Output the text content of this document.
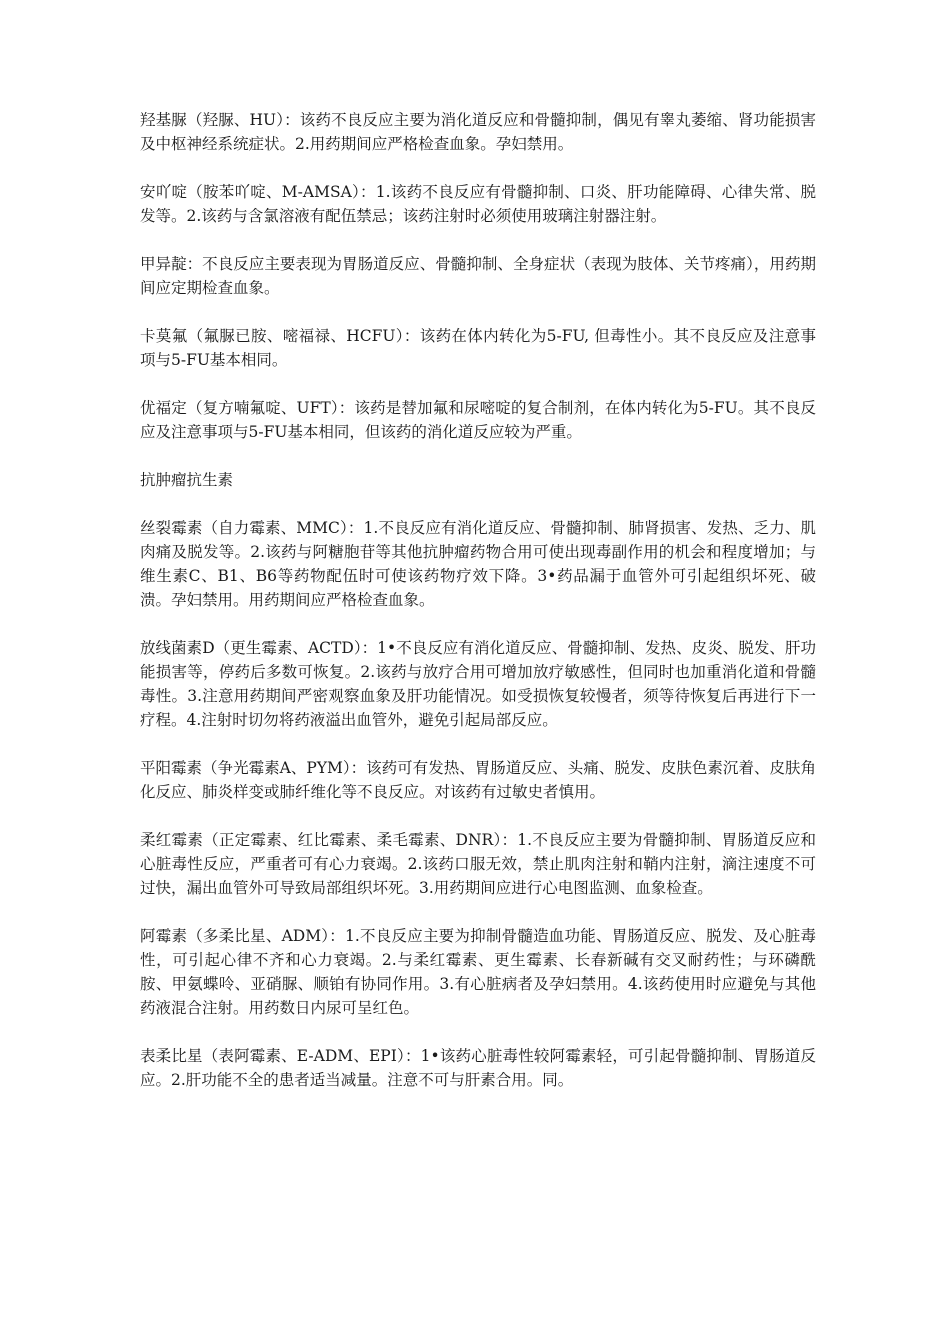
羟基脲（羟脲、HU）：该药不良反应主要为消化道反应和骨髓抑制，偶见有睾丸萎缩、肾功能损害及中枢神经系统症状。2.用药期间应严格检查血象。孕妇禁用。

安吖啶（胺苯吖啶、M-AMSA）：1.该药不良反应有骨髓抑制、口炎、肝功能障碍、心律失常、脱发等。2.该药与含氯溶液有配伍禁忌；该药注射时必须使用玻璃注射器注射。

甲异靛：不良反应主要表现为胃肠道反应、骨髓抑制、全身症状（表现为肢体、关节疼痛），用药期间应定期检查血象。

卡莫氟（氟脲已胺、嘧福禄、HCFU）：该药在体内转化为5-FU, 但毒性小。其不良反应及注意事项与5-FU基本相同。

优福定（复方喃氟啶、UFT）：该药是替加氟和尿嘧啶的复合制剂，在体内转化为5-FU。其不良反应及注意事项与5-FU基本相同，但该药的消化道反应较为严重。

抗肿瘤抗生素

丝裂霉素（自力霉素、MMC）：1.不良反应有消化道反应、骨髓抑制、肺肾损害、发热、乏力、肌肉痛及脱发等。2.该药与阿糖胞苷等其他抗肿瘤药物合用可使出现毒副作用的机会和程度增加；与维生素C、B1、B6等药物配伍时可使该药物疗效下降。3•药品漏于血管外可引起组织坏死、破溃。孕妇禁用。用药期间应严格检查血象。

放线菌素D（更生霉素、ACTD）：1•不良反应有消化道反应、骨髓抑制、发热、皮炎、脱发、肝功能损害等，停药后多数可恢复。2.该药与放疗合用可增加放疗敏感性，但同时也加重消化道和骨髓毒性。3.注意用药期间严密观察血象及肝功能情况。如受损恢复较慢者，须等待恢复后再进行下一疗程。4.注射时切勿将药液溢出血管外，避免引起局部反应。

平阳霉素（争光霉素A、PYM）：该药可有发热、胃肠道反应、头痛、脱发、皮肤色素沉着、皮肤角化反应、肺炎样变或肺纤维化等不良反应。对该药有过敏史者慎用。

柔红霉素（正定霉素、红比霉素、柔毛霉素、DNR）：1.不良反应主要为骨髓抑制、胃肠道反应和心脏毒性反应，严重者可有心力衰竭。2.该药口服无效，禁止肌肉注射和鞘内注射，滴注速度不可过快，漏出血管外可导致局部组织坏死。3.用药期间应进行心电图监测、血象检查。

阿霉素（多柔比星、ADM）：1.不良反应主要为抑制骨髓造血功能、胃肠道反应、脱发、及心脏毒性，可引起心律不齐和心力衰竭。2.与柔红霉素、更生霉素、长春新碱有交叉耐药性；与环磷酰胺、甲氨蝶呤、亚硝脲、顺铂有协同作用。3.有心脏病者及孕妇禁用。4.该药使用时应避免与其他药液混合注射。用药数日内尿可呈红色。

表柔比星（表阿霉素、E-ADM、EPI）：1•该药心脏毒性较阿霉素轻，可引起骨髓抑制、胃肠道反应。2.肝功能不全的患者适当减量。注意不可与肝素合用。同。
